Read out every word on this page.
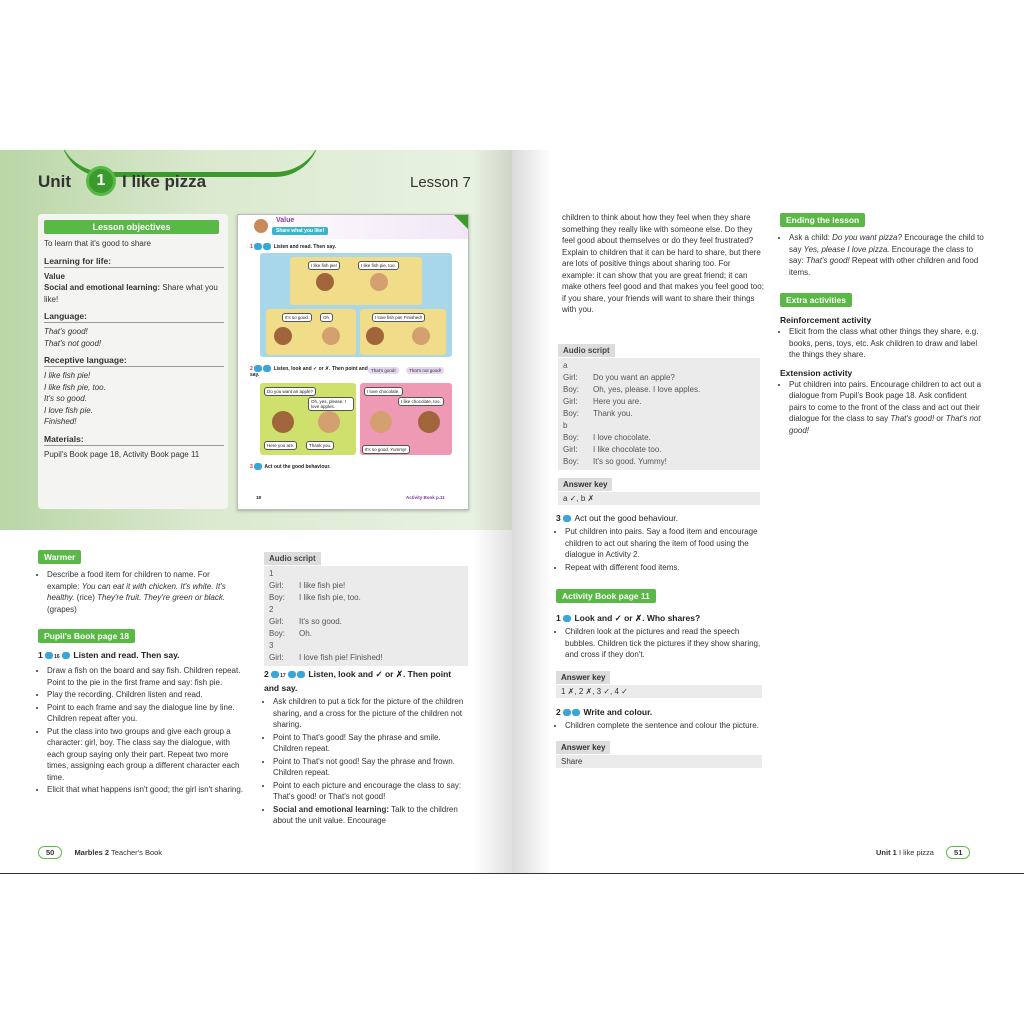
Unit	1 I like pizza	Lesson 7
Lesson objectives
To learn that it's good to share
Learning for life:
Value
Social and emotional learning: Share what you like!
Language:
That's good!
That's not good!
Receptive language:
I like fish pie!
I like fish pie, too.
It's so good.
I love fish pie.
Finished!
Materials:
Pupil's Book page 18, Activity Book page 11
Value
Share what you like!
1	Listen and read. Then say.
I like fish pie!	I like fish pie, too.
It's so good.	Oh.	I love fish pie! Finished!
2	Listen, look and ✓ or ✗. Then point and say.
That's good!	That's not good!
Do you want an apple?
Oh, yes, please. I love apples.
Here you are.	Thank you.
I love chocolate.
I like chocolate, too.
It's so good. Yummy!
3 Act out the good behaviour.
18	Activity Book p.11
Warmer
• Describe a food item for children to name. For example: You can eat it with chicken. It's white. It's healthy. (rice) They're fruit. They're green or black. (grapes)
Pupil's Book page 18
1 16 Listen and read. Then say.
• Draw a fish on the board and say fish. Children repeat. Point to the pie in the first frame and say: fish pie.
• Play the recording. Children listen and read.
• Point to each frame and say the dialogue line by line. Children repeat after you.
• Put the class into two groups and give each group a character: girl, boy. The class say the dialogue, with each group saying only their part. Repeat two more times, assigning each group a different character each time.
• Elicit that what happens isn't good; the girl isn't sharing.
Audio script
1
Girl: I like fish pie!
Boy: I like fish pie, too.
2
Girl: It's so good.
Boy: Oh.
3
Girl: I love fish pie! Finished!
2 17	Listen, look and ✓ or ✗. Then point and say.
• Ask children to put a tick for the picture of the children sharing, and a cross for the picture of the children not sharing.
• Point to That's good! Say the phrase and smile. Children repeat.
• Point to That's not good! Say the phrase and frown. Children repeat.
• Point to each picture and encourage the class to say: That's good! or That's not good!
• Social and emotional learning: Talk to the children about the unit value. Encourage
50	Marbles 2 Teacher's Book
children to think about how they feel when they share something they really like with someone else. Do they feel good about themselves or do they feel frustrated? Explain to children that it can be hard to share, but there are lots of positive things about sharing too. For example: it can show that you are great friend; it can make others feel good and that makes you feel good too; if you share, your friends will want to share their things with you.
Audio script
a
Girl: Do you want an apple?
Boy: Oh, yes, please. I love apples.
Girl: Here you are.
Boy: Thank you.
b
Boy: I love chocolate.
Girl: I like chocolate too.
Boy: It's so good. Yummy!
Answer key
a ✓, b ✗
3 Act out the good behaviour.
• Put children into pairs. Say a food item and encourage children to act out sharing the item of food using the dialogue in Activity 2.
• Repeat with different food items.
Activity Book page 11
1 Look and ✓ or ✗. Who shares?
• Children look at the pictures and read the speech bubbles. Children tick the pictures if they show sharing, and cross if they don't.
Answer key
1 ✗, 2 ✗, 3 ✓, 4 ✓
2	Write and colour.
• Children complete the sentence and colour the picture.
Answer key
Share
Ending the lesson
• Ask a child: Do you want pizza? Encourage the child to say Yes, please I love pizza. Encourage the class to say: That's good! Repeat with other children and food items.
Extra activities
Reinforcement activity
• Elicit from the class what other things they share, e.g. books, pens, toys, etc. Ask children to draw and label the things they share.
Extension activity
• Put children into pairs. Encourage children to act out a dialogue from Pupil's Book page 18. Ask confident pairs to come to the front of the class and act out their dialogue for the class to say That's good! or That's not good!
Unit 1 I like pizza	51
